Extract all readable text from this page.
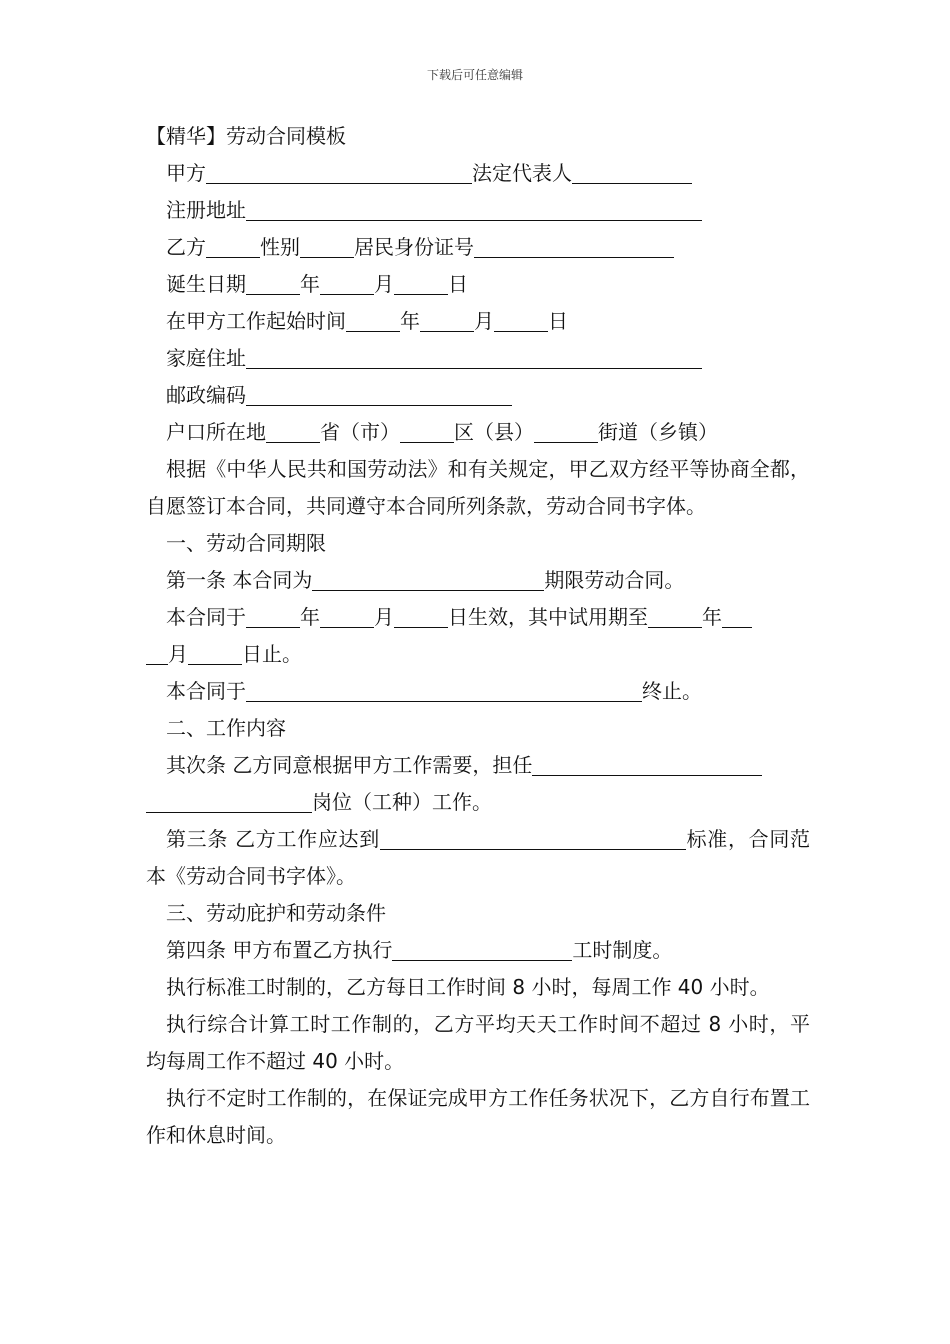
下载后可任意编辑
【精华】劳动合同模板
甲方	法定代表人
注册地址
乙方	性别	居民身份证号
诞生日期	年	月	日
在甲方工作起始时间	年	月	日
家庭住址
邮政编码
户口所在地	省（市）	区（县）	街道（乡镇）
根据《中华人民共和国劳动法》和有关规定，甲乙双方经平等协商全都，自愿签订本合同，共同遵守本合同所列条款，劳动合同书字体。
一、劳动合同期限
第一条 本合同为	期限劳动合同。
本合同于	年	月	日生效，其中试用期至	年
月	日止。
本合同于	终止。
二、工作内容
其次条 乙方同意根据甲方工作需要，担任
岗位（工种）工作。
第三条 乙方工作应达到	标准，合同范本《劳动合同书字体》。
三、劳动庇护和劳动条件
第四条 甲方布置乙方执行	工时制度。
执行标准工时制的，乙方每日工作时间 8 小时，每周工作 40 小时。
执行综合计算工时工作制的，乙方平均天天工作时间不超过 8 小时，平均每周工作不超过 40 小时。
执行不定时工作制的，在保证完成甲方工作任务状况下，乙方自行布置工作和休息时间。
